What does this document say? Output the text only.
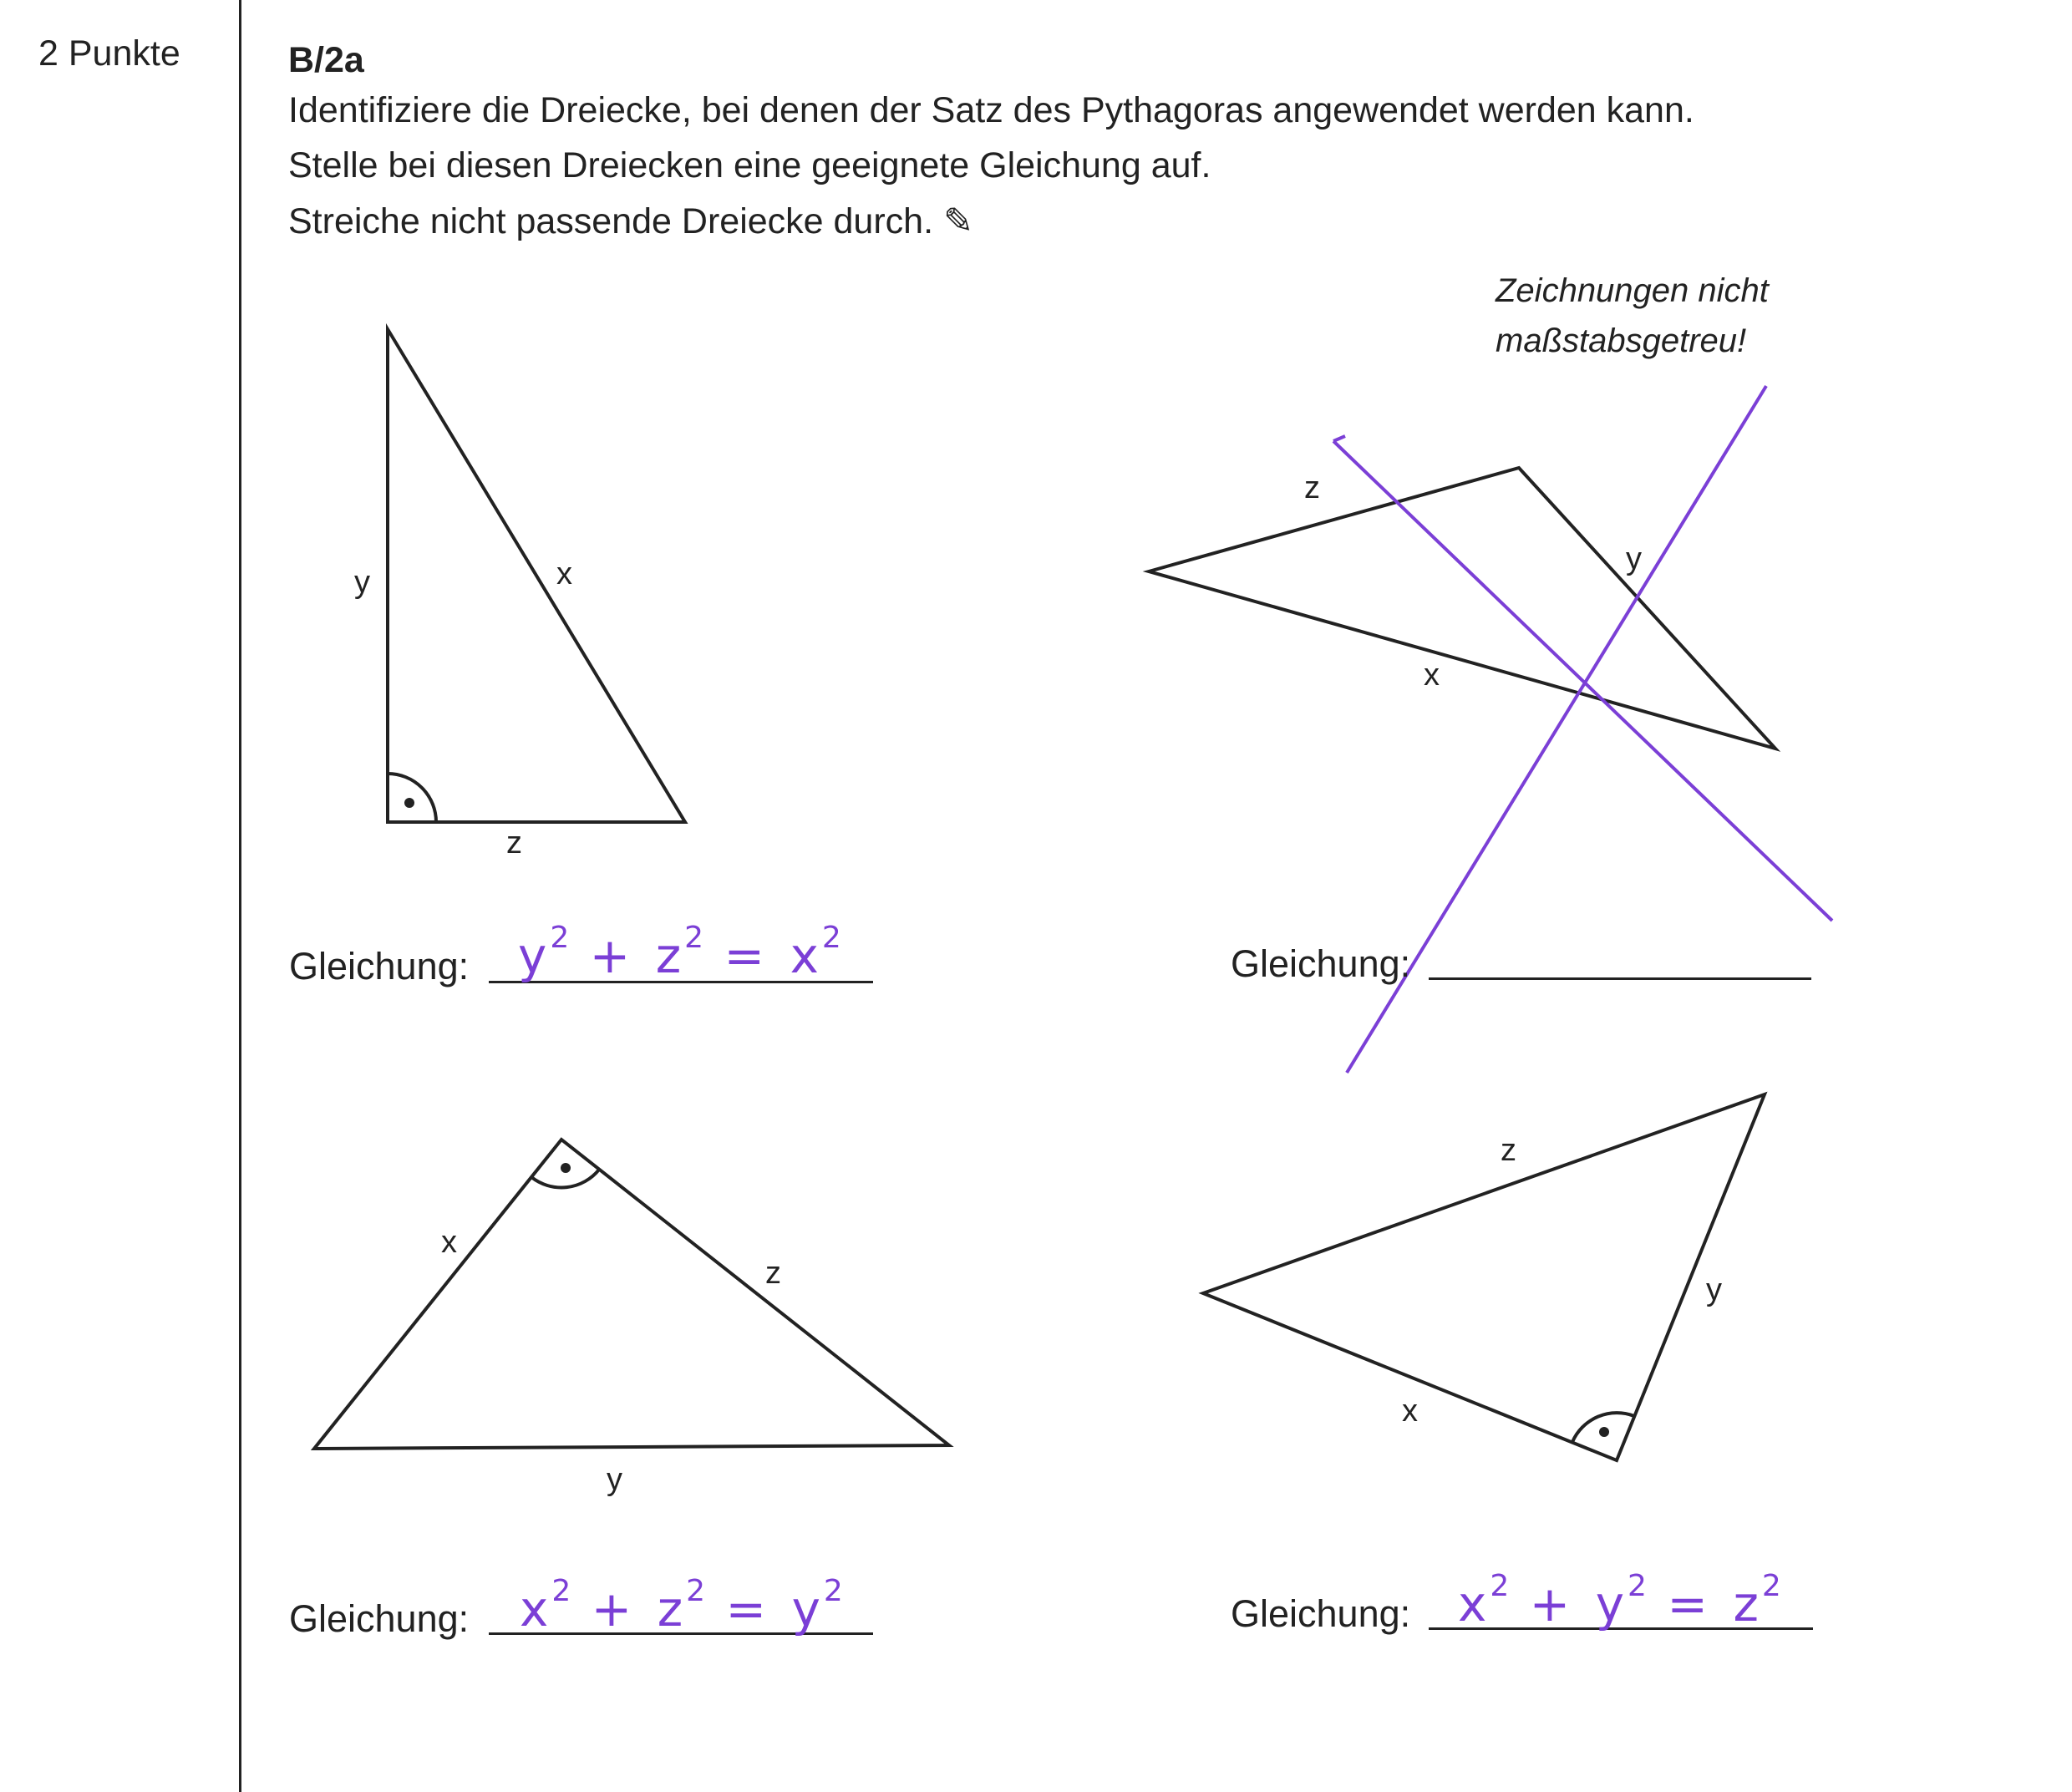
2 Punkte	B/2a
Identifiziere die Dreiecke, bei denen der Satz des Pythagoras angewendet werden kann.
Stelle bei diesen Dreiecken eine geeignete Gleichung auf.
Streiche nicht passende Dreiecke durch. ✎
Zeichnungen nicht
maßstabsgetreu!
y	x
z
z
y
x
x
z
y
z
y
x
Gleichung: $y^2 + z^2 = x^2$
Gleichung:
Gleichung: $x^2 + z^2 = y^2$
Gleichung: $x^2 + y^2 = z^2$
